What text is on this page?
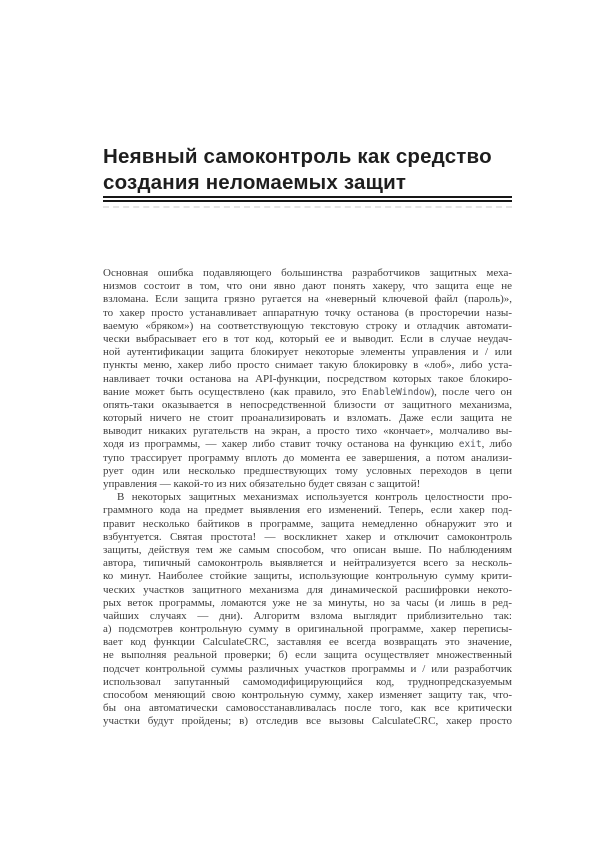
Неявный самоконтроль как средство
создания неломаемых защит
Основная ошибка подавляющего большинства разработчиков защитных меха-
низмов состоит в том, что они явно дают понять хакеру, что защита еще не
взломана. Если защита грязно ругается на «неверный ключевой файл (пароль)»,
то хакер просто устанавливает аппаратную точку останова (в просторечии назы-
ваемую «бряком») на соответствующую текстовую строку и отладчик автомати-
чески выбрасывает его в тот код, который ее и выводит. Если в случае неудач-
ной аутентификации защита блокирует некоторые элементы управления и / или
пункты меню, хакер либо просто снимает такую блокировку в «лоб», либо уста-
навливает точки останова на API-функции, посредством которых такое блокиро-
вание может быть осуществлено (как правило, это EnableWindow), после чего он
опять-таки оказывается в непосредственной близости от защитного механизма,
который ничего не стоит проанализировать и взломать. Даже если защита не
выводит никаких ругательств на экран, а просто тихо «кончает», молчаливо вы-
ходя из программы, — хакер либо ставит точку останова на функцию exit, либо
тупо трассирует программу вплоть до момента ее завершения, а потом анализи-
рует один или несколько предшествующих тому условных переходов в цепи
управления — какой-то из них обязательно будет связан с защитой!
В некоторых защитных механизмах используется контроль целостности про-
граммного кода на предмет выявления его изменений. Теперь, если хакер под-
правит несколько байтиков в программе, защита немедленно обнаружит это и
взбунтуется. Святая простота! — воскликнет хакер и отключит самоконтроль
защиты, действуя тем же самым способом, что описан выше. По наблюдениям
автора, типичный самоконтроль выявляется и нейтрализуется всего за несколь-
ко минут. Наиболее стойкие защиты, использующие контрольную сумму крити-
ческих участков защитного механизма для динамической расшифровки некото-
рых веток программы, ломаются уже не за минуты, но за часы (и лишь в ред-
чайших случаях — дни). Алгоритм взлома выглядит приблизительно так:
а) подсмотрев контрольную сумму в оригинальной программе, хакер переписы-
вает код функции CalculateCRC, заставляя ее всегда возвращать это значение,
не выполняя реальной проверки; б) если защита осуществляет множественный
подсчет контрольной суммы различных участков программы и / или разработчик
использовал запутанный самомодифицирующийся код, труднопредсказуемым
способом меняющий свою контрольную сумму, хакер изменяет защиту так, что-
бы она автоматически самовосстанавливалась после того, как все критически
участки будут пройдены; в) отследив все вызовы CalculateCRC, хакер просто
